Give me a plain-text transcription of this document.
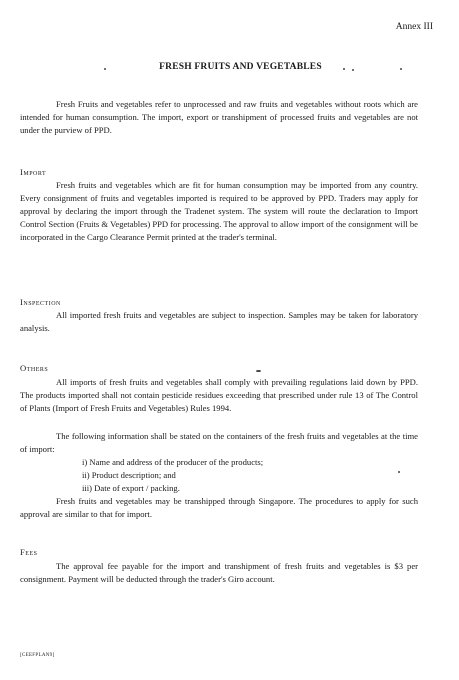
Annex III
FRESH FRUITS AND VEGETABLES
Fresh Fruits and vegetables refer to unprocessed and raw fruits and vegetables without roots which are intended for human consumption. The import, export or transhipment of processed fruits and vegetables are not under the purview of PPD.
Import
Fresh fruits and vegetables which are fit for human consumption may be imported from any country. Every consignment of fruits and vegetables imported is required to be approved by PPD. Traders may apply for approval by declaring the import through the Tradenet system. The system will route the declaration to Import Control Section (Fruits & Vegetables) PPD for processing. The approval to allow import of the consignment will be incorporated in the Cargo Clearance Permit printed at the trader's terminal.
Inspection
All imported fresh fruits and vegetables are subject to inspection. Samples may be taken for laboratory analysis.
Others
All imports of fresh fruits and vegetables shall comply with prevailing regulations laid down by PPD. The products imported shall not contain pesticide residues exceeding that prescribed under rule 13 of The Control of Plants (Import of Fresh Fruits and Vegetables) Rules 1994.
The following information shall be stated on the containers of the fresh fruits and vegetables at the time of import:
i) Name and address of the producer of the products;
ii) Product description; and
iii) Date of export / packing.
Fresh fruits and vegetables may be transhipped through Singapore. The procedures to apply for such approval are similar to that for import.
Fees
The approval fee payable for the import and transhipment of fresh fruits and vegetables is $3 per consignment. Payment will be deducted through the trader's Giro account.
[CEEFPLAN9]
